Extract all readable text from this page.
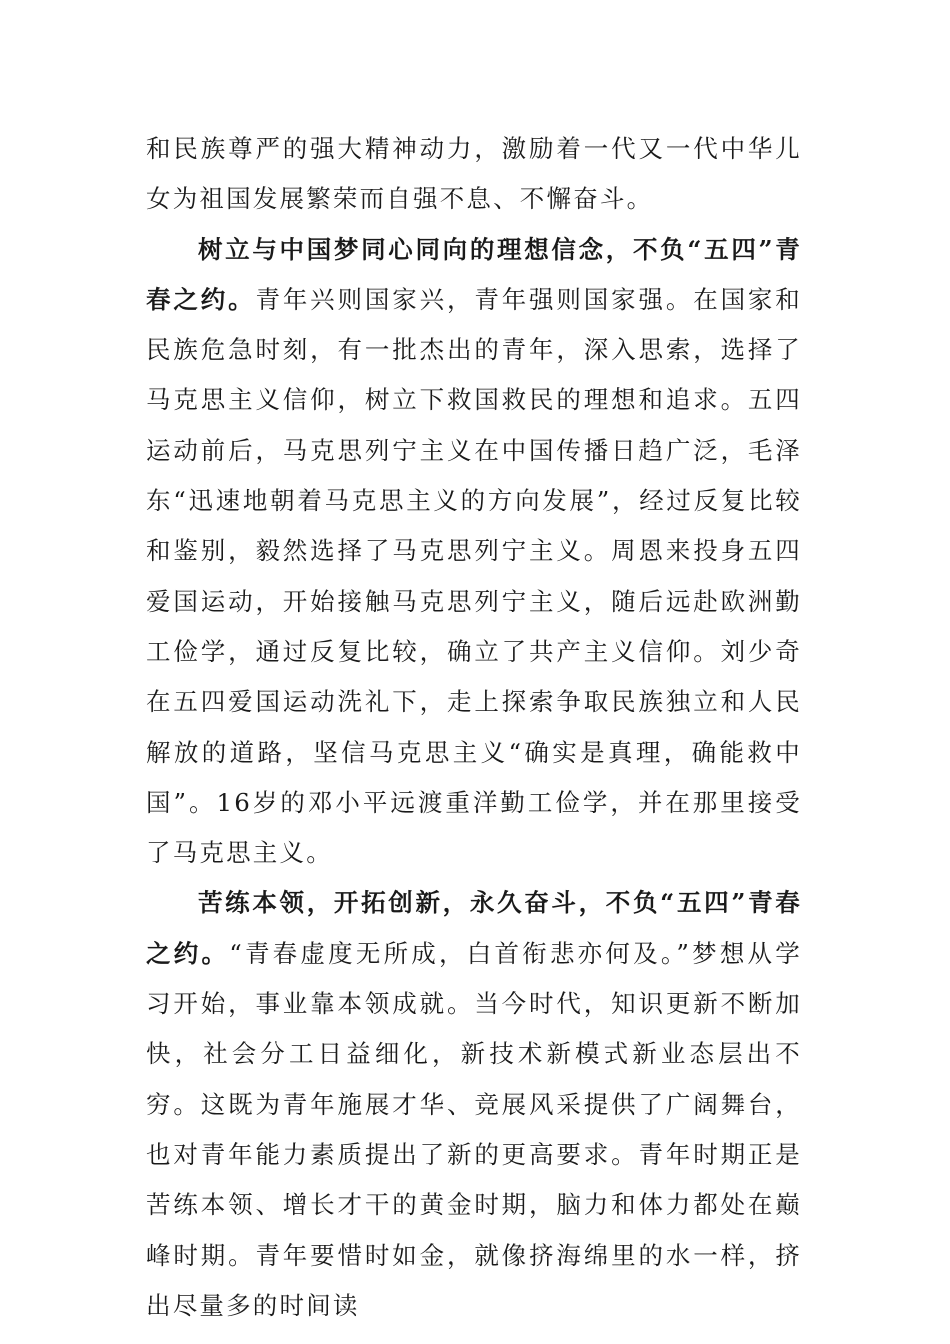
和民族尊严的强大精神动力，激励着一代又一代中华儿女为祖国发展繁荣而自强不息、不懈奋斗。

树立与中国梦同心同向的理想信念，不负“五四”青春之约。青年兴则国家兴，青年强则国家强。在国家和民族危急时刻，有一批杰出的青年，深入思索，选择了马克思主义信仰，树立下救国救民的理想和追求。五四运动前后，马克思列宁主义在中国传播日趋广泛，毛泽东“迅速地朝着马克思主义的方向发展”，经过反复比较和鉴别，毅然选择了马克思列宁主义。周恩来投身五四爱国运动，开始接触马克思列宁主义，随后远赴欧洲勤工俭学，通过反复比较，确立了共产主义信仰。刘少奇在五四爱国运动洗礼下，走上探索争取民族独立和人民解放的道路，坚信马克思主义“确实是真理，确能救中国”。16岁的邓小平远渡重洋勤工俭学，并在那里接受了马克思主义。

苦练本领，开拓创新，永久奋斗，不负“五四”青春之约。“青春虚度无所成，白首衔悲亦何及。”梦想从学习开始，事业靠本领成就。当今时代，知识更新不断加快，社会分工日益细化，新技术新模式新业态层出不穷。这既为青年施展才华、竞展风采提供了广阔舞台，也对青年能力素质提出了新的更高要求。青年时期正是苦练本领、增长才干的黄金时期，脑力和体力都处在巅峰时期。青年要惜时如金，就像挤海绵里的水一样，挤出尽量多的时间读
